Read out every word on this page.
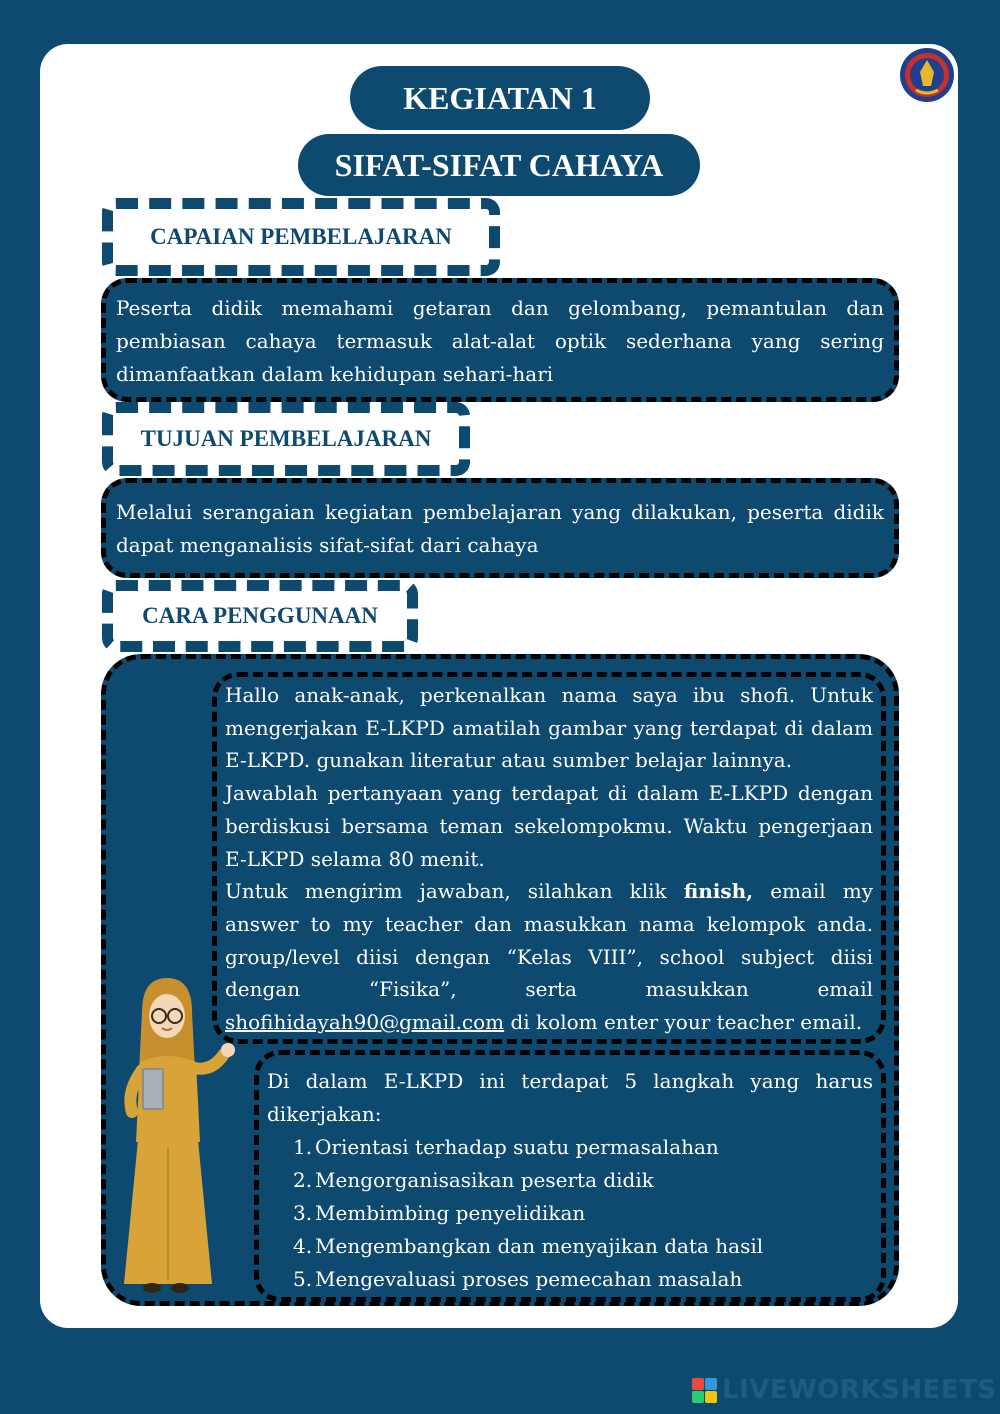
KEGIATAN 1
SIFAT-SIFAT CAHAYA
CAPAIAN PEMBELAJARAN
Peserta didik memahami getaran dan gelombang, pemantulan dan pembiasan cahaya termasuk alat-alat optik sederhana yang sering dimanfaatkan dalam kehidupan sehari-hari
TUJUAN PEMBELAJARAN
Melalui serangaian kegiatan pembelajaran yang dilakukan, peserta didik dapat menganalisis sifat-sifat dari cahaya
CARA PENGGUNAAN

Hallo anak-anak, perkenalkan nama saya ibu shofi. Untuk mengerjakan E-LKPD amatilah gambar yang terdapat di dalam E-LKPD. gunakan literatur atau sumber belajar lainnya.

Jawablah pertanyaan yang terdapat di dalam E-LKPD dengan berdiskusi bersama teman sekelompokmu. Waktu pengerjaan E-LKPD selama 80 menit.

Untuk mengirim jawaban, silahkan klik finish, email my answer to my teacher dan masukkan nama kelompok anda. group/level diisi dengan “Kelas VIII”, school subject diisi dengan “Fisika”, serta masukkan email shofihidayah90@gmail.com di kolom enter your teacher email.

Di dalam E-LKPD ini terdapat 5 langkah yang harus dikerjakan:

1. Orientasi terhadap suatu permasalahan
2. Mengorganisasikan peserta didik
3. Membimbing penyelidikan
4. Mengembangkan dan menyajikan data hasil
5. Mengevaluasi proses pemecahan masalah
LIVEWORKSHEETS
